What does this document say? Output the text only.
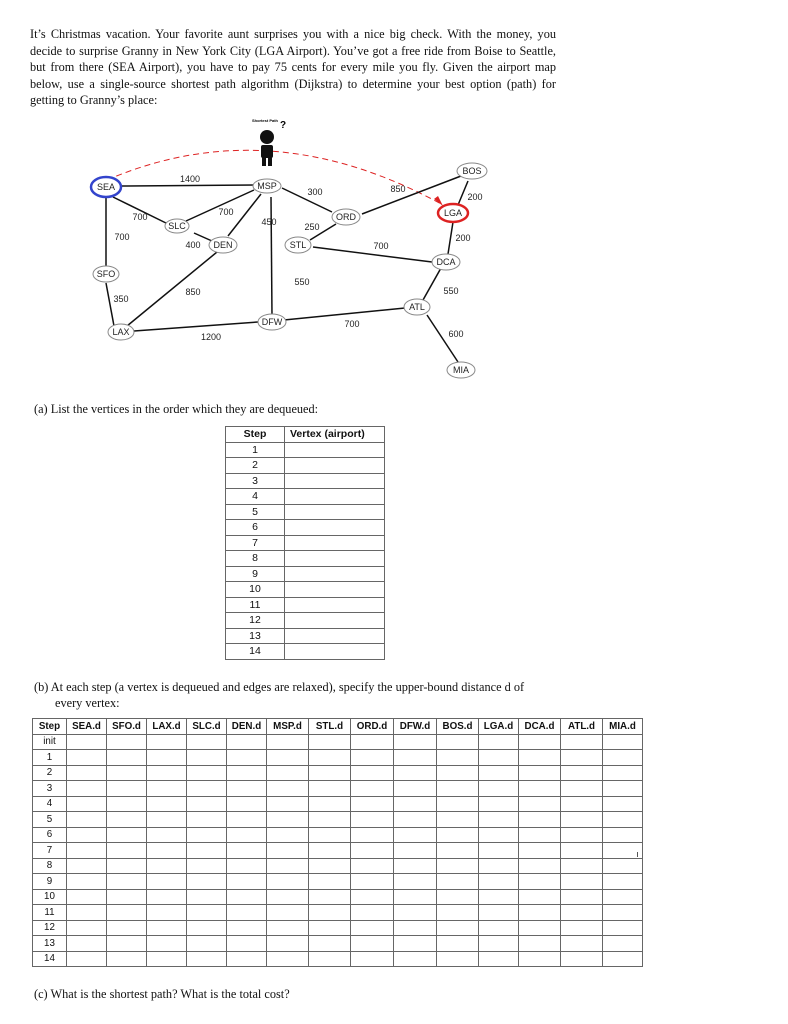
It’s Christmas vacation. Your favorite aunt surprises you with a nice big check. With the money, you decide to surprise Granny in New York City (LGA Airport). You’ve got a free ride from Boise to Seattle, but from there (SEA Airport), you have to pay 75 cents for every mile you fly. Given the airport map below, use a single-source shortest path algorithm (Dijkstra) to determine your best option (path) for getting to Granny’s place:

Shortest Path ?
SEA
SLC
MSP
DEN
ORD
STL
BOS
LGA
DCA
SFO
ATL
LAX
DFW
MIA
1400
700
700
700
400
450
300
250
850
200
200
700
850
550
350
1200
700
550
600
(a) List the vertices in the order which they are dequeued:
Step	Vertex (airport)
1	
2	
3	
4	
5	
6	
7	
8	
9	
10	
11	
12	
13	
14	
(b) At each step (a vertex is dequeued and edges are relaxed), specify the upper-bound distance d of
every vertex:
Step	SEA.d	SFO.d	LAX.d	SLC.d	DEN.d	MSP.d	STL.d	ORD.d	DFW.d	BOS.d	LGA.d	DCA.d	ATL.d	MIA.d
init														
1														
2														
3														
4														
5														
6														
7														
8														
9														
10														
11														
12														
13														
14														
(c) What is the shortest path? What is the total cost?
